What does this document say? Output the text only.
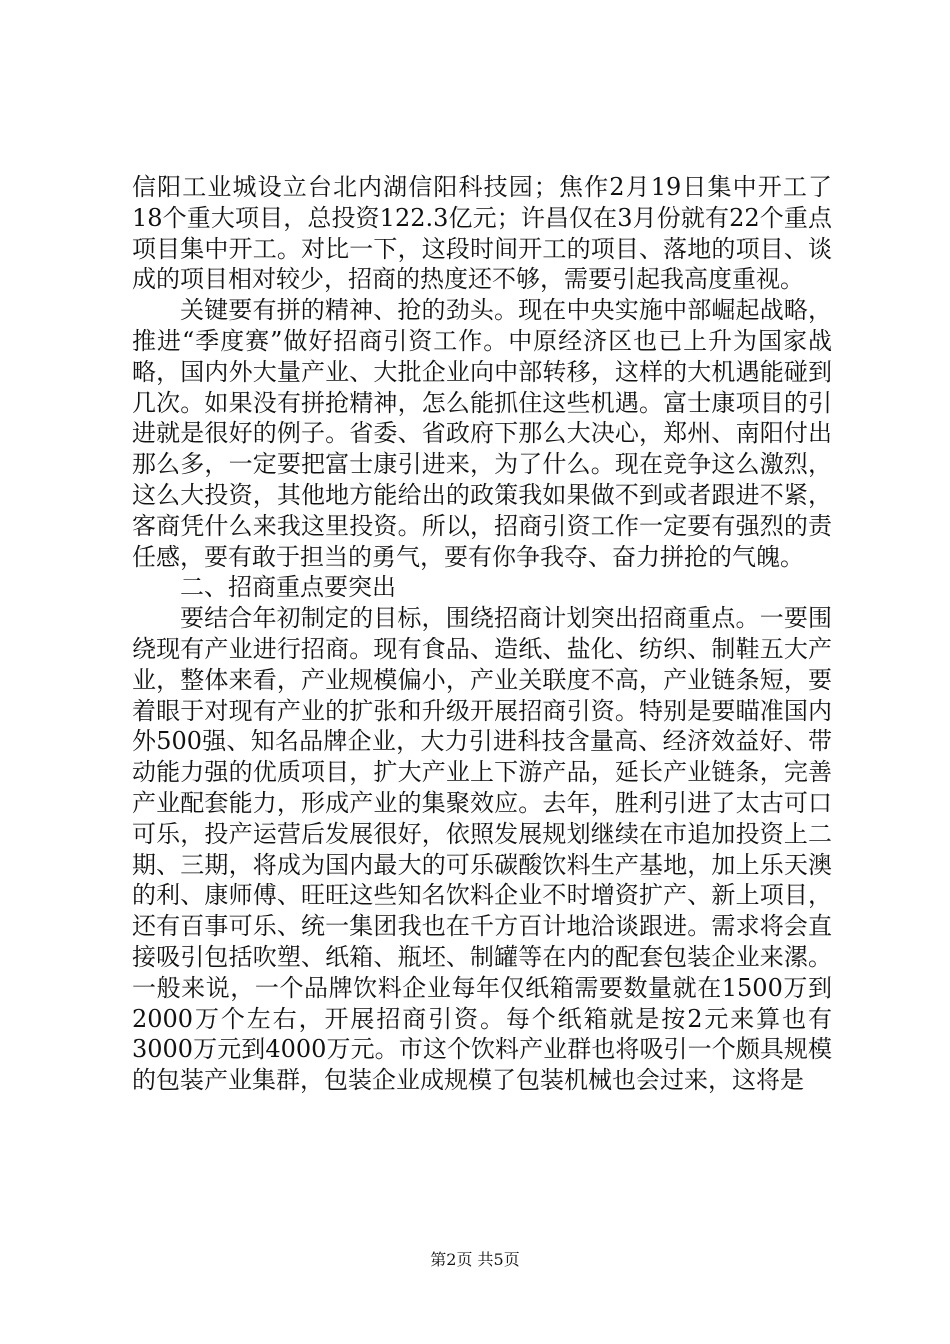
信阳工业城设立台北内湖信阳科技园；焦作2月19日集中开工了18个重大项目，总投资122.3亿元；许昌仅在3月份就有22个重点项目集中开工。对比一下，这段时间开工的项目、落地的项目、谈成的项目相对较少，招商的热度还不够，需要引起我高度重视。

关键要有拼的精神、抢的劲头。现在中央实施中部崛起战略，推进“季度赛”做好招商引资工作。中原经济区也已上升为国家战略，国内外大量产业、大批企业向中部转移，这样的大机遇能碰到几次。如果没有拼抢精神，怎么能抓住这些机遇。富士康项目的引进就是很好的例子。省委、省政府下那么大决心，郑州、南阳付出那么多，一定要把富士康引进来，为了什么。现在竞争这么激烈，这么大投资，其他地方能给出的政策我如果做不到或者跟进不紧，客商凭什么来我这里投资。所以，招商引资工作一定要有强烈的责任感，要有敢于担当的勇气，要有你争我夺、奋力拼抢的气魄。

二、招商重点要突出

要结合年初制定的目标，围绕招商计划突出招商重点。一要围绕现有产业进行招商。现有食品、造纸、盐化、纺织、制鞋五大产业，整体来看，产业规模偏小，产业关联度不高，产业链条短，要着眼于对现有产业的扩张和升级开展招商引资。特别是要瞄准国内外500强、知名品牌企业，大力引进科技含量高、经济效益好、带动能力强的优质项目，扩大产业上下游产品，延长产业链条，完善产业配套能力，形成产业的集聚效应。去年，胜利引进了太古可口可乐，投产运营后发展很好，依照发展规划继续在市追加投资上二期、三期，将成为国内最大的可乐碳酸饮料生产基地，加上乐天澳的利、康师傅、旺旺这些知名饮料企业不时增资扩产、新上项目，还有百事可乐、统一集团我也在千方百计地洽谈跟进。需求将会直接吸引包括吹塑、纸箱、瓶坯、制罐等在内的配套包装企业来漯。一般来说，一个品牌饮料企业每年仅纸箱需要数量就在1500万到2000万个左右，开展招商引资。每个纸箱就是按2元来算也有3000万元到4000万元。市这个饮料产业群也将吸引一个颇具规模的包装产业集群，包装企业成规模了包装机械也会过来，这将是

第2页 共5页
